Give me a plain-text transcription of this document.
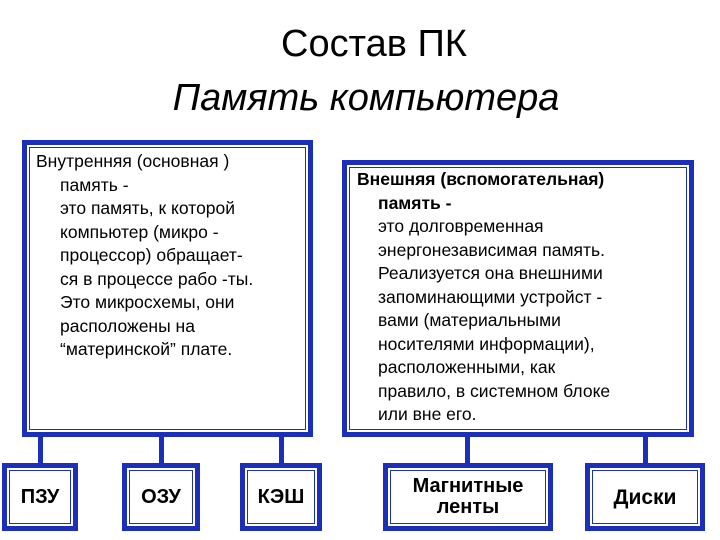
Состав ПК
Память компьютера
Внутренняя (основная )
память -
это память, к которой
компьютер (микро -
процессор) обращает-
ся в процессе рабо -ты.
Это микросхемы, они
расположены на
“материнской” плате.
Внешняя (вспомогательная)
память -
это долговременная
энергонезависимая память.
Реализуется она внешними
запоминающими устройст -
вами (материальными
носителями информации),
расположенными, как
правило, в системном блоке
или вне его.
ПЗУ	ОЗУ	КЭШ	Магнитные
ленты	Диски
